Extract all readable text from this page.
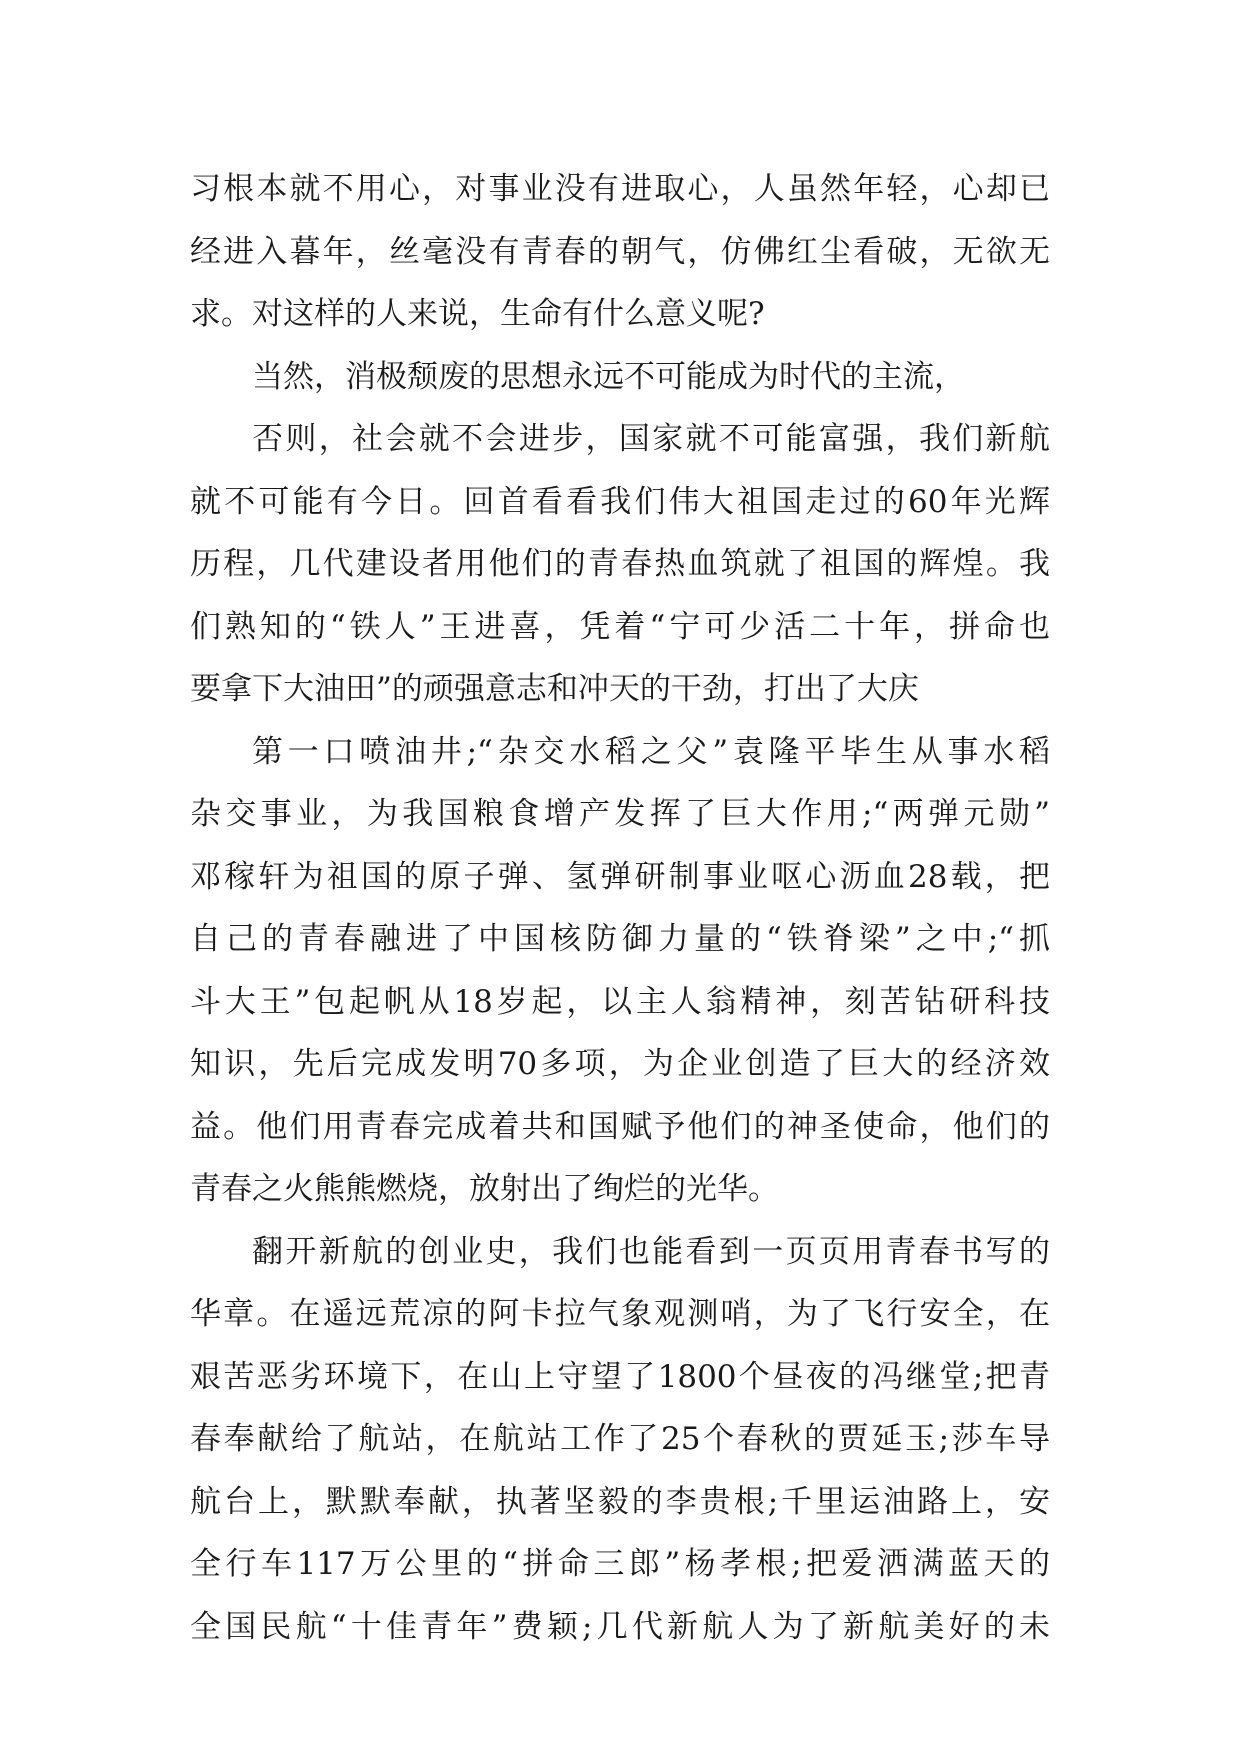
习根本就不用心，对事业没有进取心，人虽然年轻，心却已
经进入暮年，丝毫没有青春的朝气，仿佛红尘看破，无欲无
求。对这样的人来说，生命有什么意义呢?
当然，消极颓废的思想永远不可能成为时代的主流，
否则，社会就不会进步，国家就不可能富强，我们新航
就不可能有今日。回首看看我们伟大祖国走过的60年光辉
历程，几代建设者用他们的青春热血筑就了祖国的辉煌。我
们熟知的“铁人”王进喜，凭着“宁可少活二十年，拼命也
要拿下大油田”的顽强意志和冲天的干劲，打出了大庆
第一口喷油井;“杂交水稻之父”袁隆平毕生从事水稻
杂交事业，为我国粮食增产发挥了巨大作用;“两弹元勋”
邓稼轩为祖国的原子弹、氢弹研制事业呕心沥血28载，把
自己的青春融进了中国核防御力量的“铁脊梁”之中;“抓
斗大王”包起帆从18岁起，以主人翁精神，刻苦钻研科技
知识，先后完成发明70多项，为企业创造了巨大的经济效
益。他们用青春完成着共和国赋予他们的神圣使命，他们的
青春之火熊熊燃烧，放射出了绚烂的光华。
翻开新航的创业史，我们也能看到一页页用青春书写的
华章。在遥远荒凉的阿卡拉气象观测哨，为了飞行安全，在
艰苦恶劣环境下，在山上守望了1800个昼夜的冯继堂;把青
春奉献给了航站，在航站工作了25个春秋的贾延玉;莎车导
航台上，默默奉献，执著坚毅的李贵根;千里运油路上，安
全行车117万公里的“拼命三郎”杨孝根;把爱洒满蓝天的
全国民航“十佳青年”费颖;几代新航人为了新航美好的未
